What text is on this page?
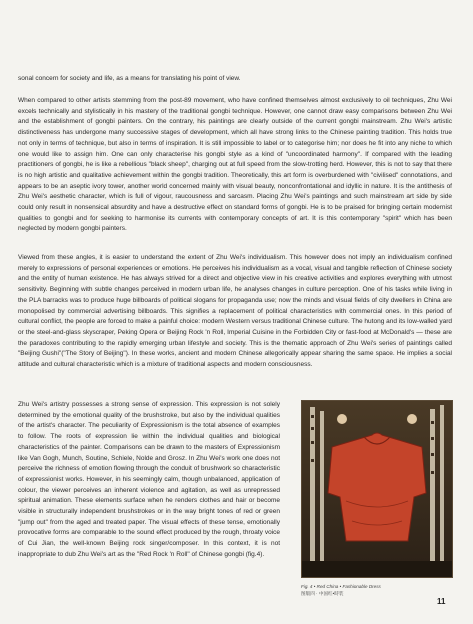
sonal concern for society and life, as a means for translating his point of view.

When compared to other artists stemming from the post-89 movement, who have confined themselves almost exclusively to oil techniques, Zhu Wei excels technically and stylistically in his mastery of the traditional gongbi technique. However, one cannot draw easy comparisons between Zhu Wei and the establishment of gongbi painters. On the contrary, his paintings are clearly outside of the current gongbi mainstream. Zhu Wei's artistic distinctiveness has undergone many successive stages of development, which all have strong links to the Chinese painting tradition. This holds true not only in terms of technique, but also in terms of inspiration. It is still impossible to label or to categorise him; nor does he fit into any niche to which one would like to assign him. One can only characterise his gongbi style as a kind of "uncoordinated harmony". If compared with the leading practitioners of gongbi, he is like a rebellious "black sheep", charging out at full speed from the slow-trotting herd. However, this is not to say that there is no high artistic and qualitative achievement within the gongbi tradition. Theoretically, this art form is overburdened with "civilised" connotations, and appears to be an aseptic ivory tower, another world concerned mainly with visual beauty, nonconfrontational and idyllic in nature. It is the antithesis of Zhu Wei's aesthetic character, which is full of vigour, raucousness and sarcasm. Placing Zhu Wei's paintings and such mainstream art side by side could only result in nonsensical absurdity and have a destructive effect on standard forms of gongbi. He is to be praised for bringing certain modernist qualities to gongbi and for seeking to harmonise its currents with contemporary concepts of art. It is this contemporary "spirit" which has been neglected by modern gongbi painters.

Viewed from these angles, it is easier to understand the extent of Zhu Wei's individualism. This however does not imply an individualism confined merely to expressions of personal experiences or emotions. He perceives his individualism as a vocal, visual and tangible reflection of Chinese society and the entity of human existence. He has always strived for a direct and objective view in his creative activities and explores everything with utmost sensitivity. Beginning with subtle changes perceived in modern urban life, he analyses changes in culture perception. One of his tasks while living in the PLA barracks was to produce huge billboards of political slogans for propaganda use; now the minds and visual fields of city dwellers in China are monopolised by commercial advertising billboards. This signifies a replacement of political characteristics with commercial ones. In this period of cultural conflict, the people are forced to make a painful choice: modern Western versus traditional Chinese culture. The hutong and its low-walled yard or the steel-and-glass skyscraper, Peking Opera or Beijing Rock 'n Roll, Imperial Cuisine in the Forbidden City or fast-food at McDonald's — these are the paradoxes contributing to the rapidly emerging urban lifestyle and society. This is the thematic approach of Zhu Wei's series of paintings called "Beijing Gushi"("The Story of Beijing"). In these works, ancient and modern Chinese allegorically appear sharing the same space. He implies a social attitude and cultural characteristic which is a mixture of traditional aspects and modern consciousness.

Zhu Wei's artistry possesses a strong sense of expression. This expression is not solely determined by the emotional quality of the brushstroke, but also by the individual qualities of the artist's character. The peculiarity of Expressionism is the total absence of examples to follow. The roots of expression lie within the individual qualities and biological characteristics of the painter. Comparisons can be drawn to the masters of Expressionism like Van Gogh, Munch, Soutine, Schiele, Nolde and Grosz. In Zhu Wei's work one does not perceive the richness of emotion flowing through the conduit of brushwork so characteristic of expressionist works. However, in his seemingly calm, though unbalanced, application of colour, the viewer perceives an inherent violence and agitation, as well as unrepressed spiritual animation. These elements surface when he renders clothes and hair or become visible in structurally independent brushstrokes or in the way bright tones of red or green "jump out" from the aged and treated paper. The visual effects of these tense, emotionally provocative forms are comparable to the sound effect produced by the rough, throaty voice of Cui Jian, the well-known Beijing rock singer/composer. In this context, it is not inappropriate to dub Zhu Wei's art as the "Red Rock 'n Roll" of Chinese gongbi (fig.4).

Fig. 4 • Red China • Fashionable Dress
图版四 · 中国红•時装
11
